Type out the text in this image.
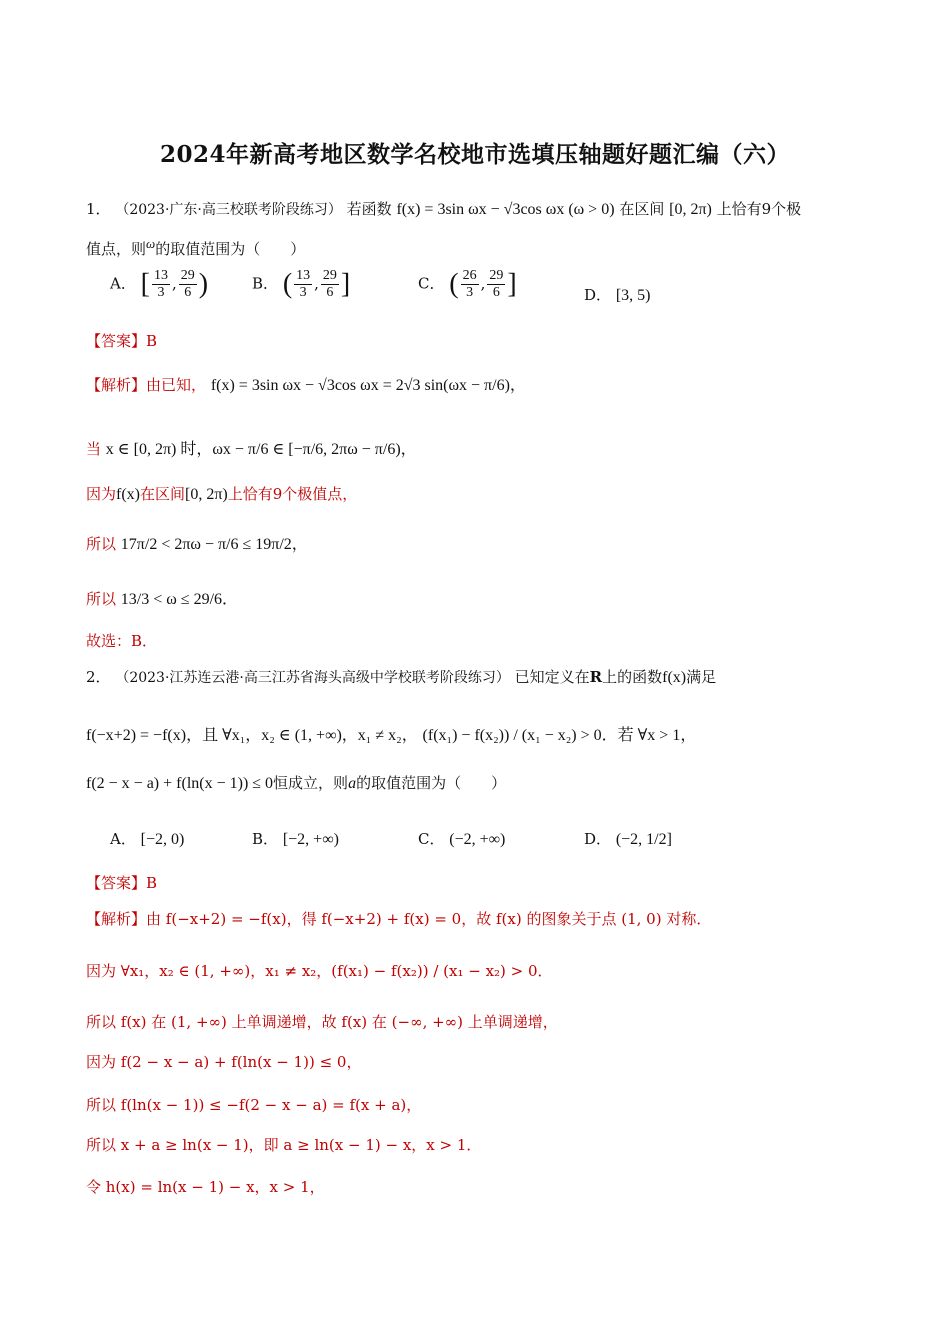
2024年新高考地区数学名校地市选填压轴题好题汇编（六）
1． （2023·广东·高三校联考阶段练习） 若函数 f(x) = 3sin ωx − √3cos ωx (ω > 0) 在区间 [0, 2π) 上恰有9个极
值点，则ω的取值范围为（　　）
A． [ $\frac{13}{3}$ , $\frac{29}{6}$ )	B． ( $\frac{13}{3}$ , $\frac{29}{6}$ ]	C． ( $\frac{26}{3}$ , $\frac{29}{6}$ ]	D． [3, 5)
【答案】B
【解析】由已知， f(x) = 3sin ωx − √3cos ωx = 2√3 sin(ωx − π/6)，
当 x ∈ [0, 2π) 时，ωx − π/6 ∈ [−π/6, 2πω − π/6)，
因为f(x)在区间[0, 2π)上恰有9个极值点，
所以 17π/2 < 2πω − π/6 ≤ 19π/2，
所以 13/3 < ω ≤ 29/6．
故选：B．
2． （2023·江苏连云港·高三江苏省海头高级中学校联考阶段练习） 已知定义在R上的函数f(x)满足
f(−x+2) = −f(x)，且 ∀x₁，x₂ ∈ (1, +∞)，x₁ ≠ x₂， (f(x₁) − f(x₂)) / (x₁ − x₂) > 0．若 ∀x > 1，
f(2 − x − a) + f(ln(x − 1)) ≤ 0恒成立，则a的取值范围为（　　）
A． [−2, 0)	B． [−2, +∞)	C． (−2, +∞)	D． (−2, 1/2]
【答案】B
【解析】由 f(−x+2) = −f(x)，得 f(−x+2) + f(x) = 0，故 f(x) 的图象关于点 (1, 0) 对称．
因为 ∀x₁，x₂ ∈ (1, +∞)，x₁ ≠ x₂，(f(x₁) − f(x₂)) / (x₁ − x₂) > 0．
所以 f(x) 在 (1, +∞) 上单调递增，故 f(x) 在 (−∞, +∞) 上单调递增，
因为 f(2 − x − a) + f(ln(x − 1)) ≤ 0，
所以 f(ln(x − 1)) ≤ −f(2 − x − a) = f(x + a)，
所以 x + a ≥ ln(x − 1)，即 a ≥ ln(x − 1) − x，x > 1．
令 h(x) = ln(x − 1) − x，x > 1，
